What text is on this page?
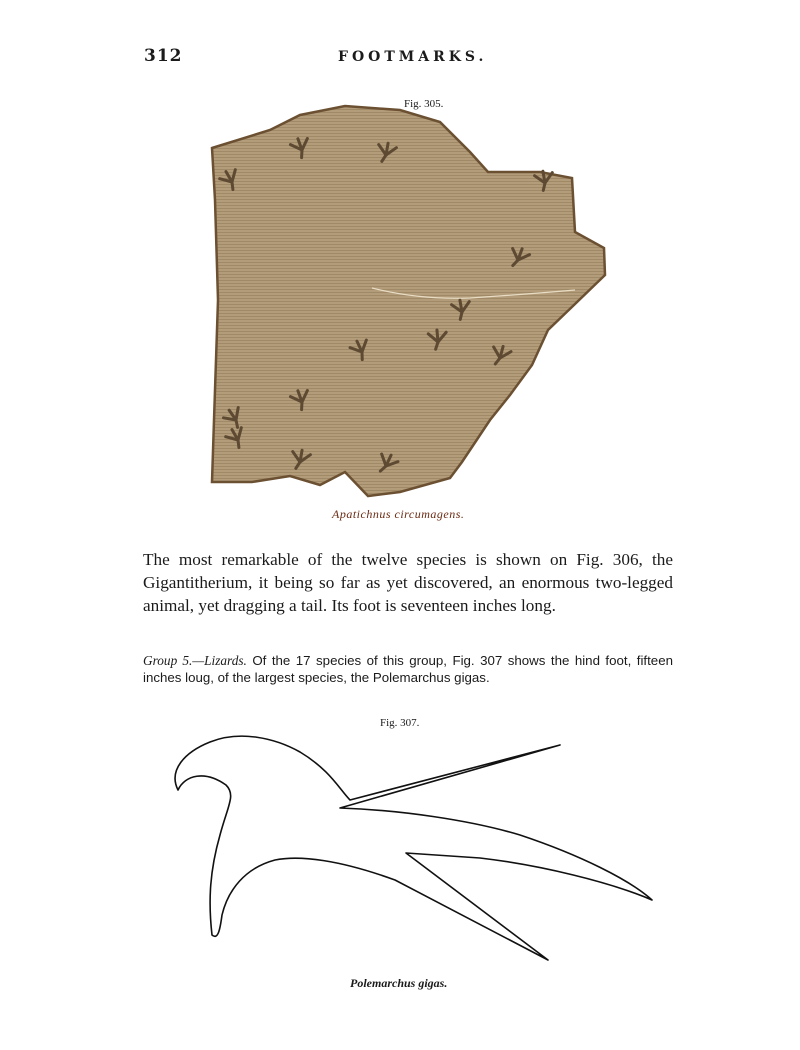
312	FOOTMARKS.
Fig. 305.
Apatichnus circumagens.
The most remarkable of the twelve species is shown on Fig. 306, the Gigantitherium, it being so far as yet discovered, an enormous two-legged animal, yet dragging a tail. Its foot is seventeen inches long.
Group 5.—Lizards. Of the 17 species of this group, Fig. 307 shows the hind foot, fifteen inches loug, of the largest species, the Polemarchus gigas.
Fig. 307.
Polemarchus gigas.
